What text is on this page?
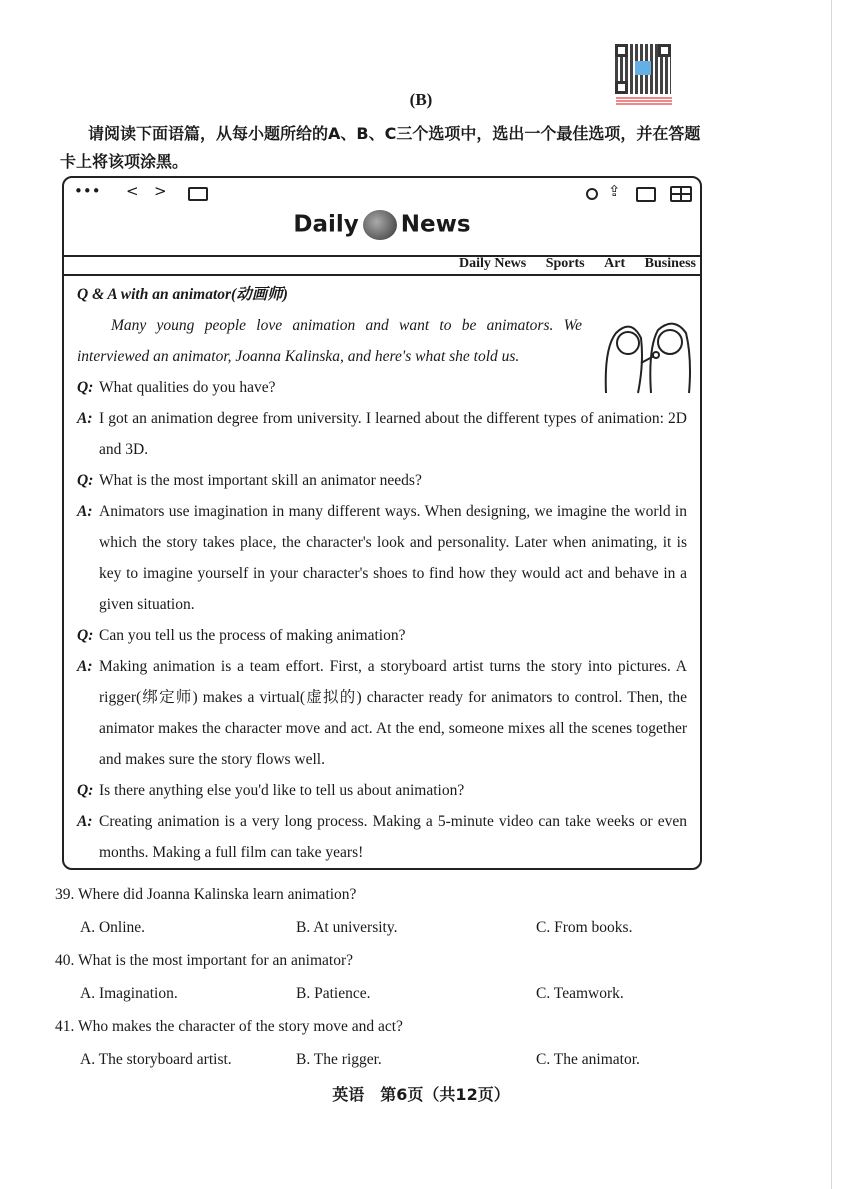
(B)
请阅读下面语篇，从每小题所给的A、B、C三个选项中，选出一个最佳选项，并在答题卡上将该项涂黑。
••• < >	⇪
Daily News
Daily News Sports Art Business
Q & A with an animator(动画师)
Many young people love animation and want to be animators. We interviewed an animator, Joanna Kalinska, and here's what she told us.
Q: What qualities do you have?
A: I got an animation degree from university. I learned about the different types of animation: 2D and 3D.
Q: What is the most important skill an animator needs?
A: Animators use imagination in many different ways. When designing, we imagine the world in which the story takes place, the character's look and personality. Later when animating, it is key to imagine yourself in your character's shoes to find how they would act and behave in a given situation.
Q: Can you tell us the process of making animation?
A: Making animation is a team effort. First, a storyboard artist turns the story into pictures. A rigger(绑定师) makes a virtual(虚拟的) character ready for animators to control. Then, the animator makes the character move and act. At the end, someone mixes all the scenes together and makes sure the story flows well.
Q: Is there anything else you'd like to tell us about animation?
A: Creating animation is a very long process. Making a 5-minute video can take weeks or even months. Making a full film can take years!
39. Where did Joanna Kalinska learn animation?
A. Online.	B. At university.	C. From books.
40. What is the most important for an animator?
A. Imagination.	B. Patience.	C. Teamwork.
41. Who makes the character of the story move and act?
A. The storyboard artist.	B. The rigger.	C. The animator.
英语　第6页（共12页）
